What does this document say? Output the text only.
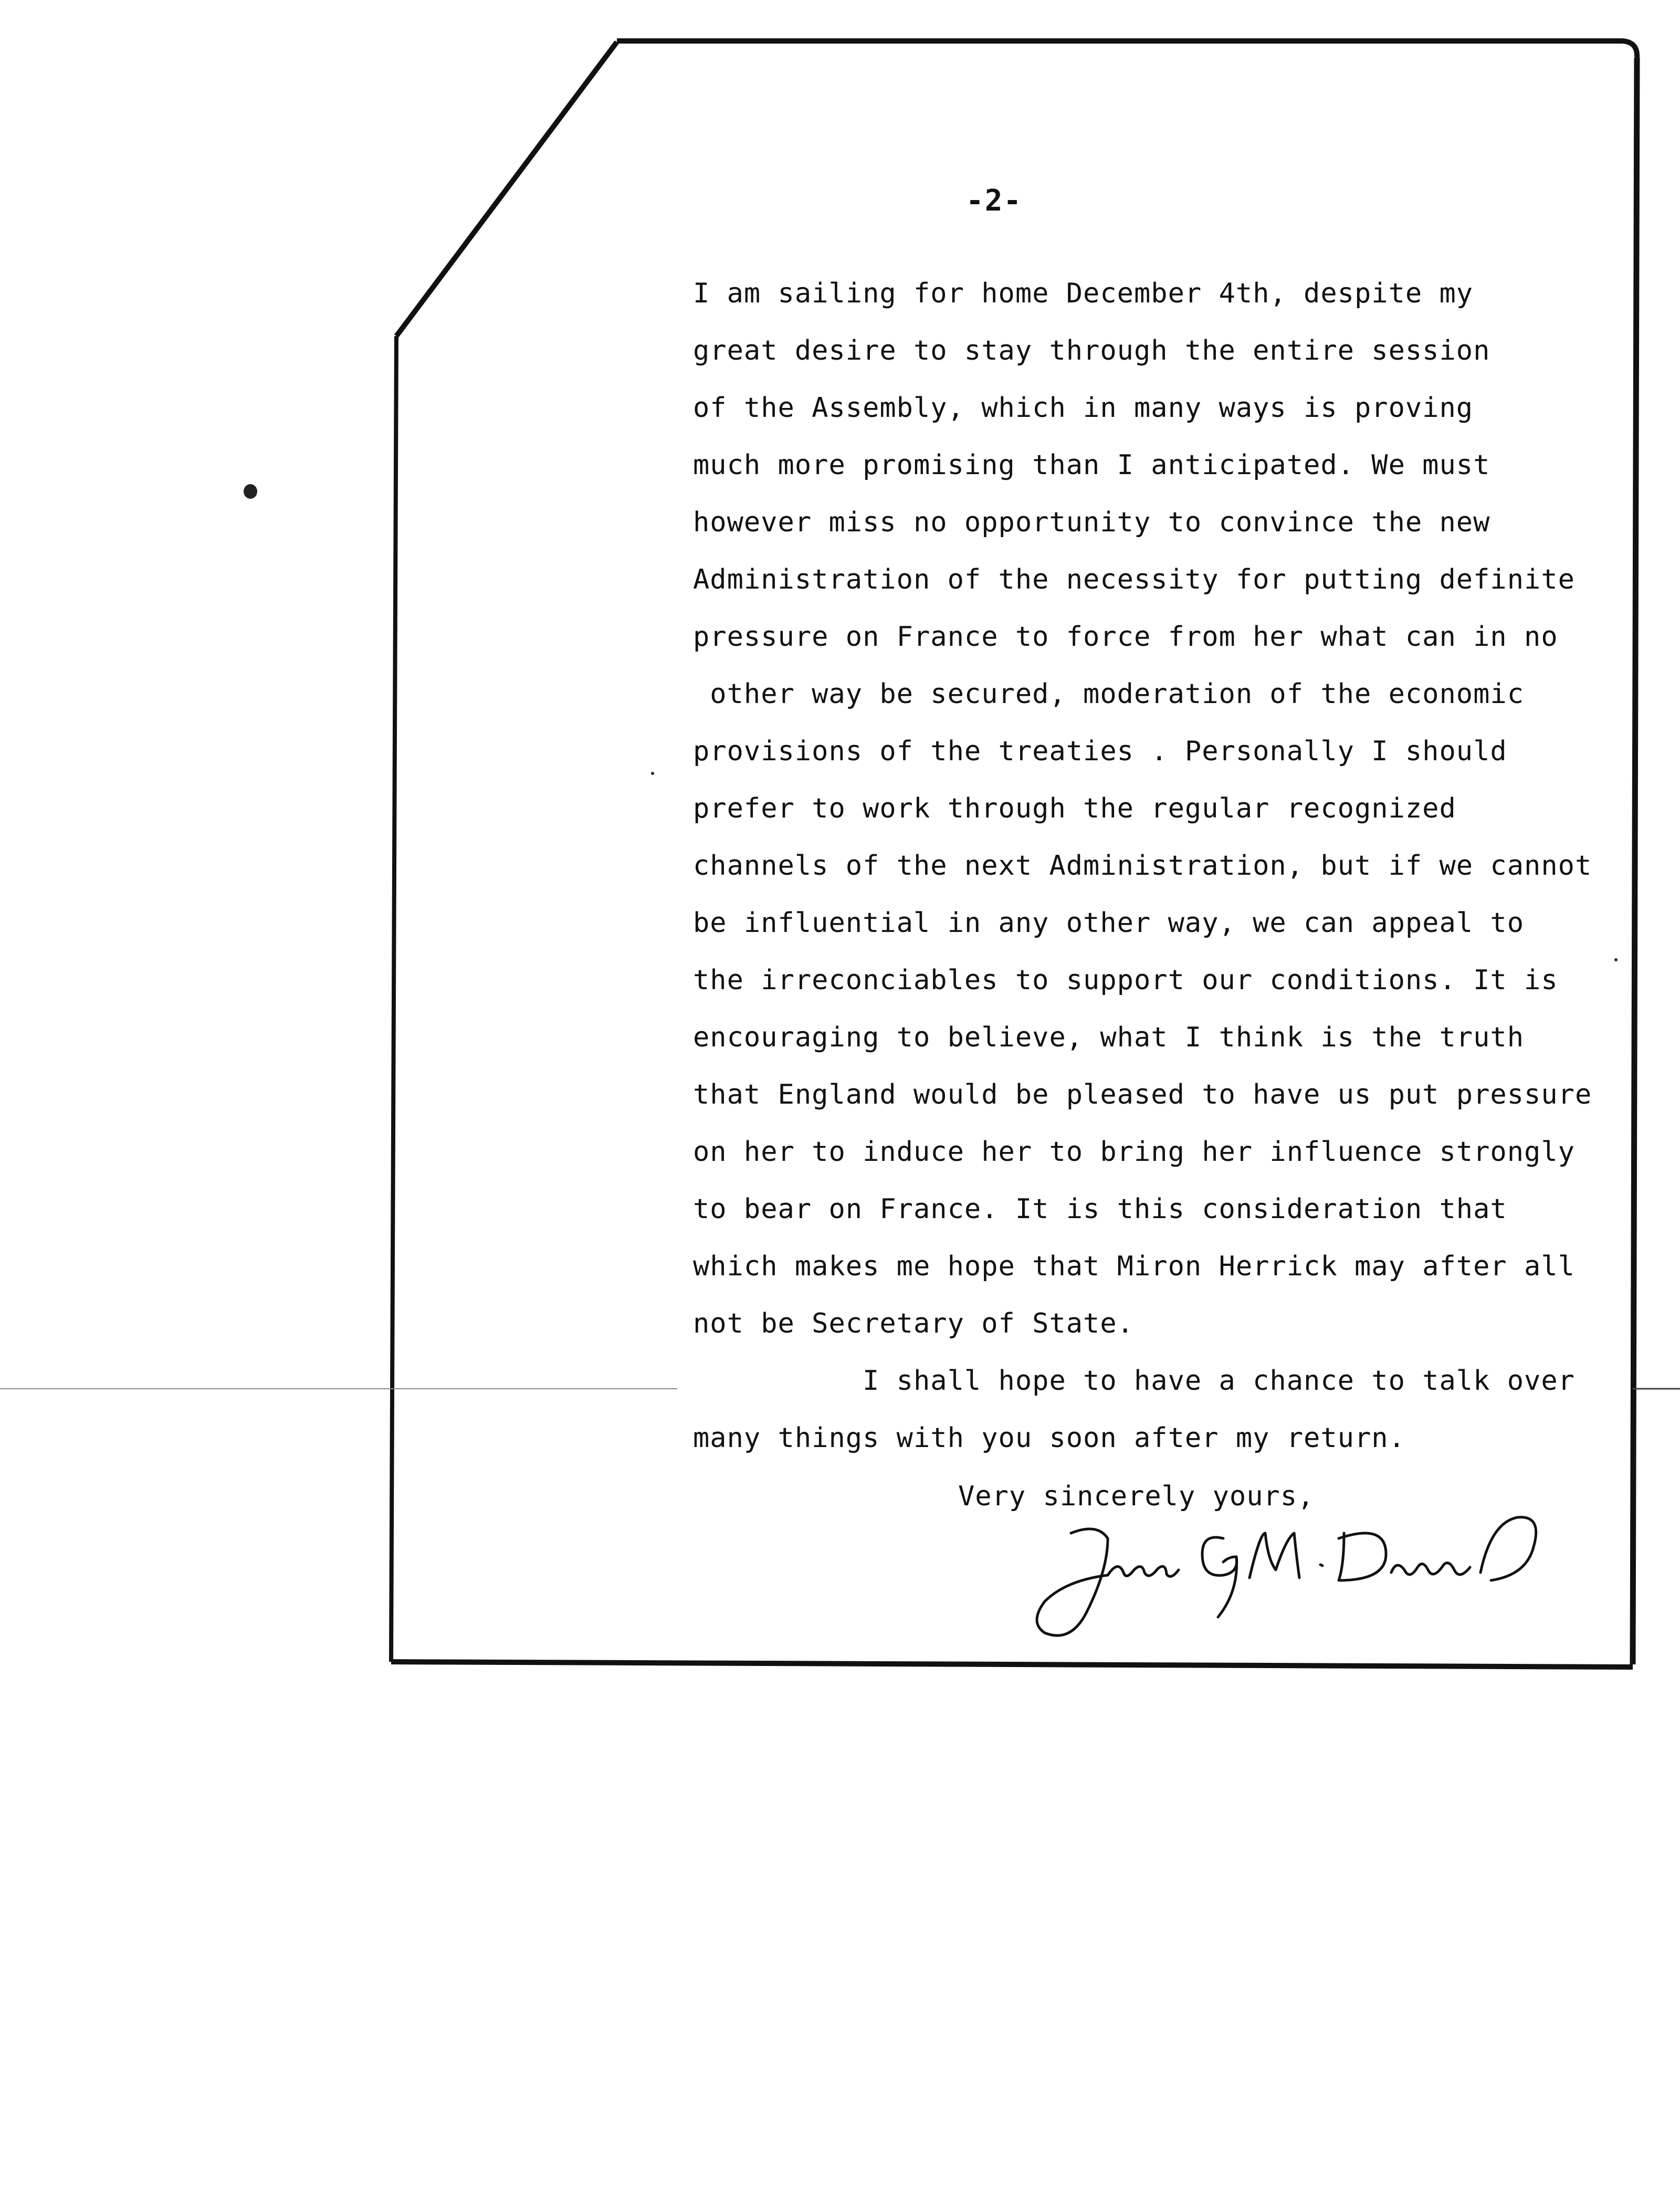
-2-
I am sailing for home December 4th, despite my
great desire to stay through the entire session
of the Assembly, which in many ways is proving
much more promising than I anticipated. We must
however miss no opportunity to convince the new
Administration of the necessity for putting definite
pressure on France to force from her what can in no
other way be secured, moderation of the economic
provisions of the treaties . Personally I should
prefer to work through the regular recognized
channels of the next Administration, but if we cannot
be influential in any other way, we can appeal to
the irreconciables to support our conditions. It is
encouraging to believe, what I think is the truth
that England would be pleased to have us put pressure
on her to induce her to bring her influence strongly
to bear on France. It is this consideration that
which makes me hope that Miron Herrick may after all
not be Secretary of State.
I shall hope to have a chance to talk over
many things with you soon after my return.
Very sincerely yours,
